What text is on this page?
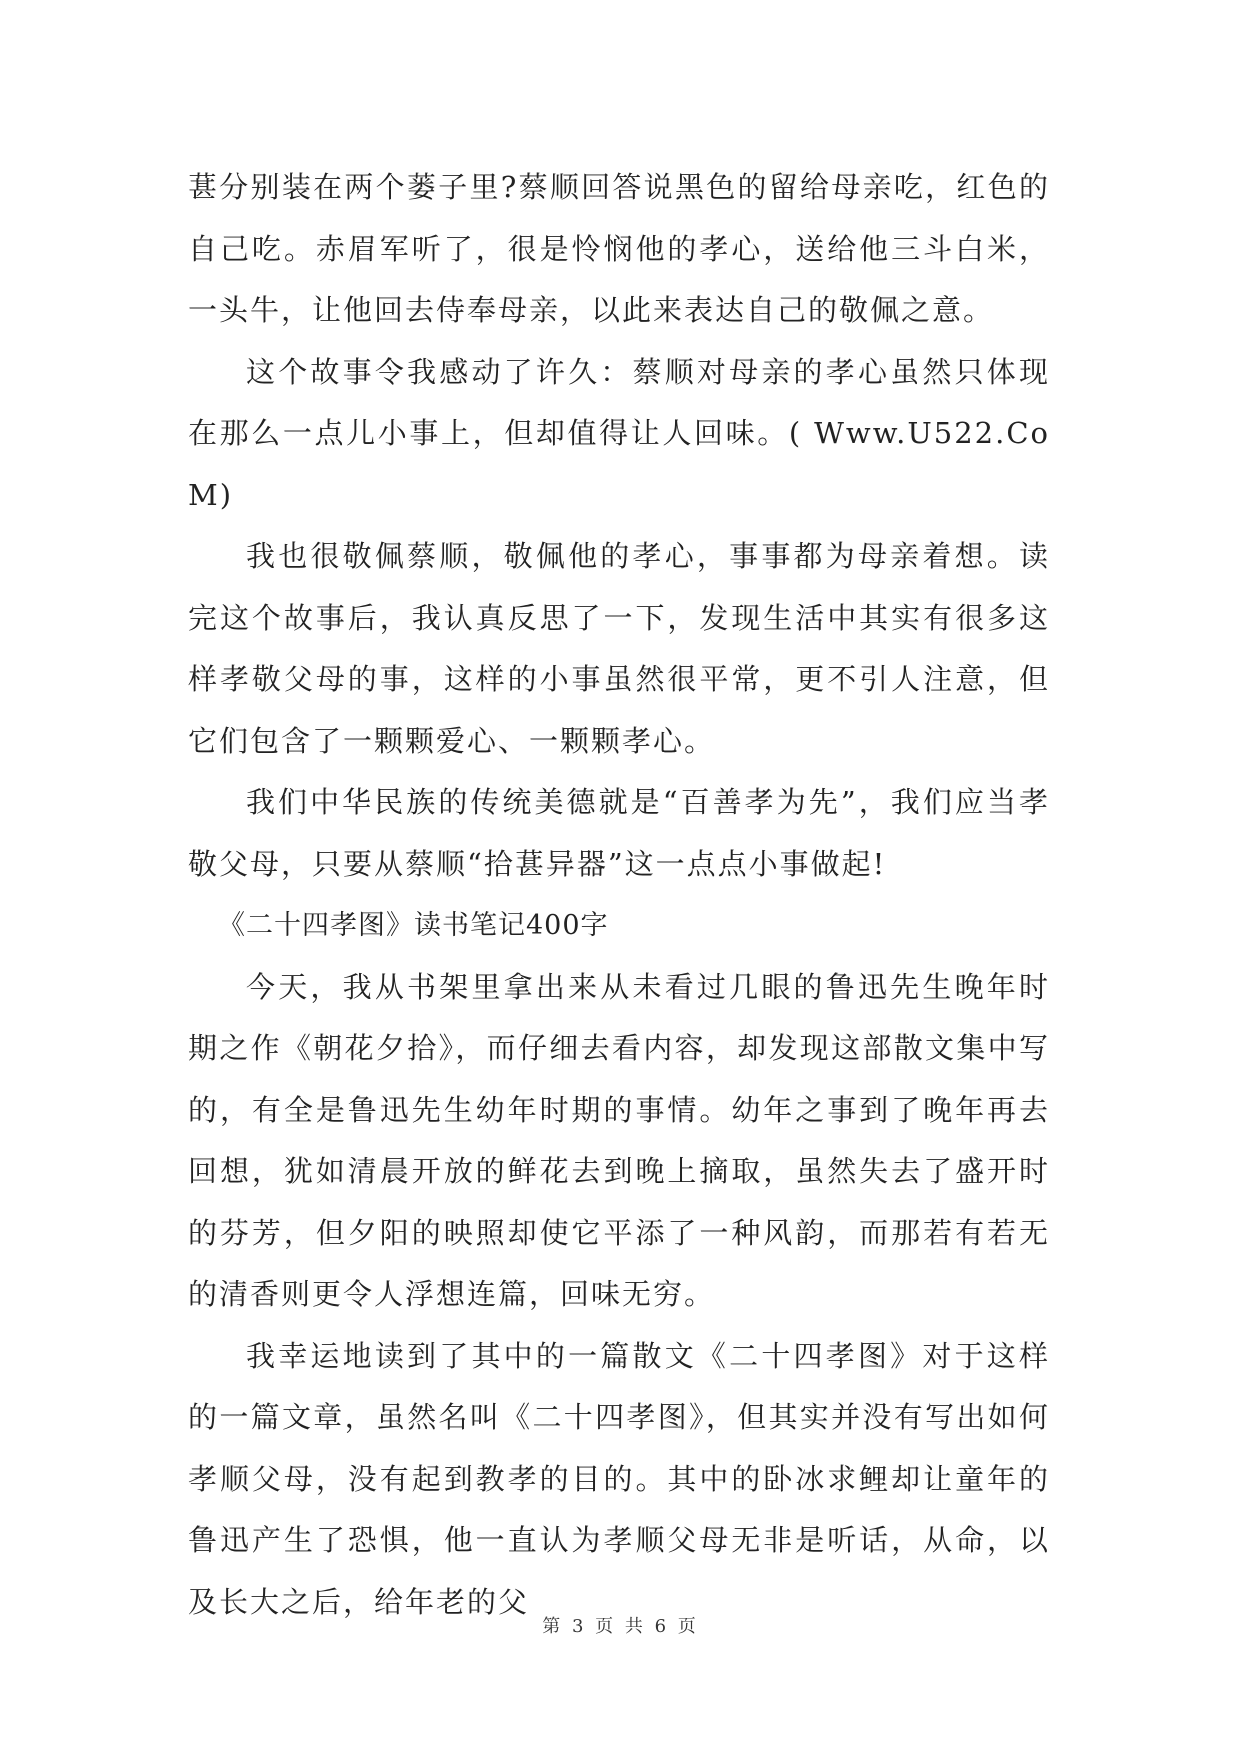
葚分别装在两个蒌子里?蔡顺回答说黑色的留给母亲吃，红色的自己吃。赤眉军听了，很是怜悯他的孝心，送给他三斗白米，一头牛，让他回去侍奉母亲，以此来表达自己的敬佩之意。

这个故事令我感动了许久：蔡顺对母亲的孝心虽然只体现在那么一点儿小事上，但却值得让人回味。( Www.U522.CoM)

我也很敬佩蔡顺，敬佩他的孝心，事事都为母亲着想。读完这个故事后，我认真反思了一下，发现生活中其实有很多这样孝敬父母的事，这样的小事虽然很平常，更不引人注意，但它们包含了一颗颗爱心、一颗颗孝心。

我们中华民族的传统美德就是“百善孝为先”，我们应当孝敬父母，只要从蔡顺“拾葚异器”这一点点小事做起!

《二十四孝图》读书笔记400字

今天，我从书架里拿出来从未看过几眼的鲁迅先生晚年时期之作《朝花夕拾》，而仔细去看内容，却发现这部散文集中写的，有全是鲁迅先生幼年时期的事情。幼年之事到了晚年再去回想，犹如清晨开放的鲜花去到晚上摘取，虽然失去了盛开时的芬芳，但夕阳的映照却使它平添了一种风韵，而那若有若无的清香则更令人浮想连篇，回味无穷。

我幸运地读到了其中的一篇散文《二十四孝图》对于这样的一篇文章，虽然名叫《二十四孝图》，但其实并没有写出如何孝顺父母，没有起到教孝的目的。其中的卧冰求鲤却让童年的鲁迅产生了恐惧，他一直认为孝顺父母无非是听话，从命，以及长大之后，给年老的父

第 3 页 共 6 页
